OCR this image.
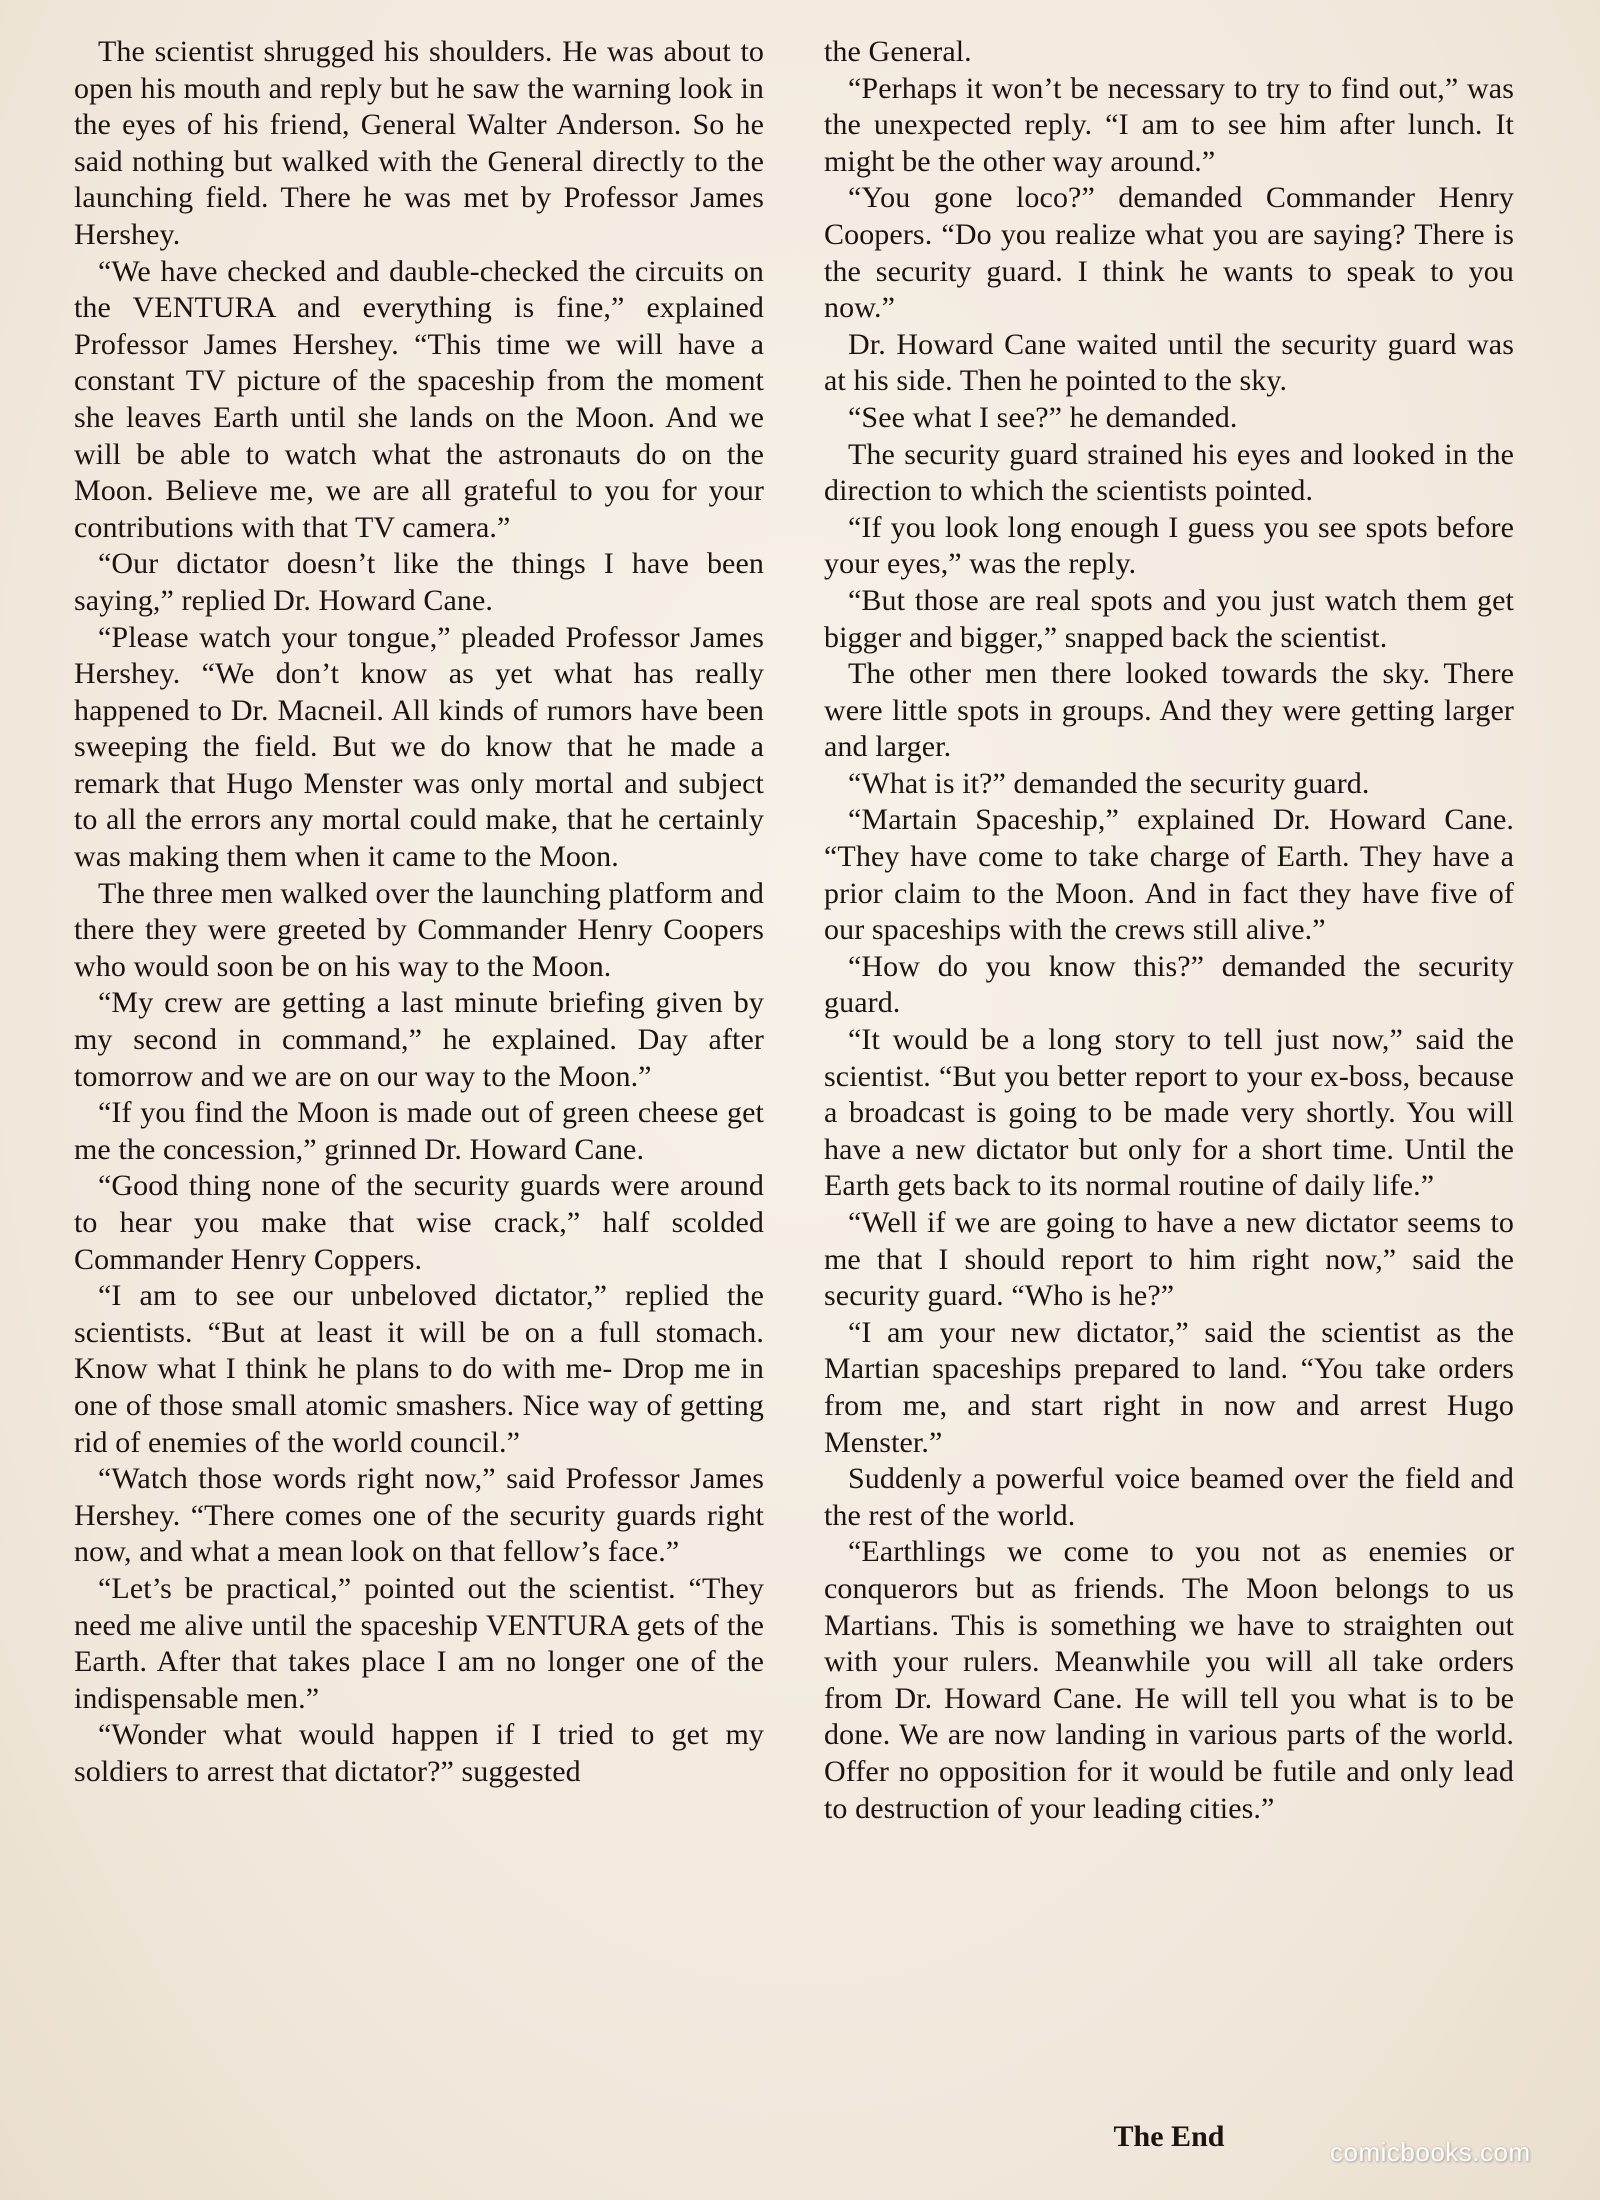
The scientist shrugged his shoulders. He was about to open his mouth and reply but he saw the warning look in the eyes of his friend, General Walter Anderson. So he said nothing but walked with the General directly to the launching field. There he was met by Professor James Hershey.

“We have checked and dauble-checked the circuits on the VENTURA and everything is fine,” explained Professor James Hershey. “This time we will have a constant TV picture of the spaceship from the moment she leaves Earth until she lands on the Moon. And we will be able to watch what the astronauts do on the Moon. Believe me, we are all grateful to you for your contributions with that TV camera.”

“Our dictator doesn’t like the things I have been saying,” replied Dr. Howard Cane.

“Please watch your tongue,” pleaded Professor James Hershey. “We don’t know as yet what has really happened to Dr. Macneil. All kinds of rumors have been sweeping the field. But we do know that he made a remark that Hugo Menster was only mortal and subject to all the errors any mortal could make, that he certainly was making them when it came to the Moon.

The three men walked over the launching platform and there they were greeted by Commander Henry Coopers who would soon be on his way to the Moon.

“My crew are getting a last minute briefing given by my second in command,” he explained. Day after tomorrow and we are on our way to the Moon.”

“If you find the Moon is made out of green cheese get me the concession,” grinned Dr. Howard Cane.

“Good thing none of the security guards were around to hear you make that wise crack,” half scolded Commander Henry Coppers.

“I am to see our unbeloved dictator,” replied the scientists. “But at least it will be on a full stomach. Know what I think he plans to do with me- Drop me in one of those small atomic smashers. Nice way of getting rid of enemies of the world council.”

“Watch those words right now,” said Professor James Hershey. “There comes one of the security guards right now, and what a mean look on that fellow’s face.”

“Let’s be practical,” pointed out the scientist. “They need me alive until the spaceship VENTURA gets of the Earth. After that takes place I am no longer one of the indispensable men.”

“Wonder what would happen if I tried to get my soldiers to arrest that dictator?” suggested

the General.

“Perhaps it won’t be necessary to try to find out,” was the unexpected reply. “I am to see him after lunch. It might be the other way around.”

“You gone loco?” demanded Commander Henry Coopers. “Do you realize what you are saying? There is the security guard. I think he wants to speak to you now.”

Dr. Howard Cane waited until the security guard was at his side. Then he pointed to the sky.

“See what I see?” he demanded.

The security guard strained his eyes and looked in the direction to which the scientists pointed.

“If you look long enough I guess you see spots before your eyes,” was the reply.

“But those are real spots and you just watch them get bigger and bigger,” snapped back the scientist.

The other men there looked towards the sky. There were little spots in groups. And they were getting larger and larger.

“What is it?” demanded the security guard.

“Martain Spaceship,” explained Dr. Howard Cane. “They have come to take charge of Earth. They have a prior claim to the Moon. And in fact they have five of our spaceships with the crews still alive.”

“How do you know this?” demanded the security guard.

“It would be a long story to tell just now,” said the scientist. “But you better report to your ex-boss, because a broadcast is going to be made very shortly. You will have a new dictator but only for a short time. Until the Earth gets back to its normal routine of daily life.”

“Well if we are going to have a new dictator seems to me that I should report to him right now,” said the security guard. “Who is he?”

“I am your new dictator,” said the scientist as the Martian spaceships prepared to land. “You take orders from me, and start right in now and arrest Hugo Menster.”

Suddenly a powerful voice beamed over the field and the rest of the world.

“Earthlings we come to you not as enemies or conquerors but as friends. The Moon belongs to us Martians. This is something we have to straighten out with your rulers. Meanwhile you will all take orders from Dr. Howard Cane. He will tell you what is to be done. We are now landing in various parts of the world. Offer no opposition for it would be futile and only lead to destruction of your leading cities.”

The End	comicbooks.com
